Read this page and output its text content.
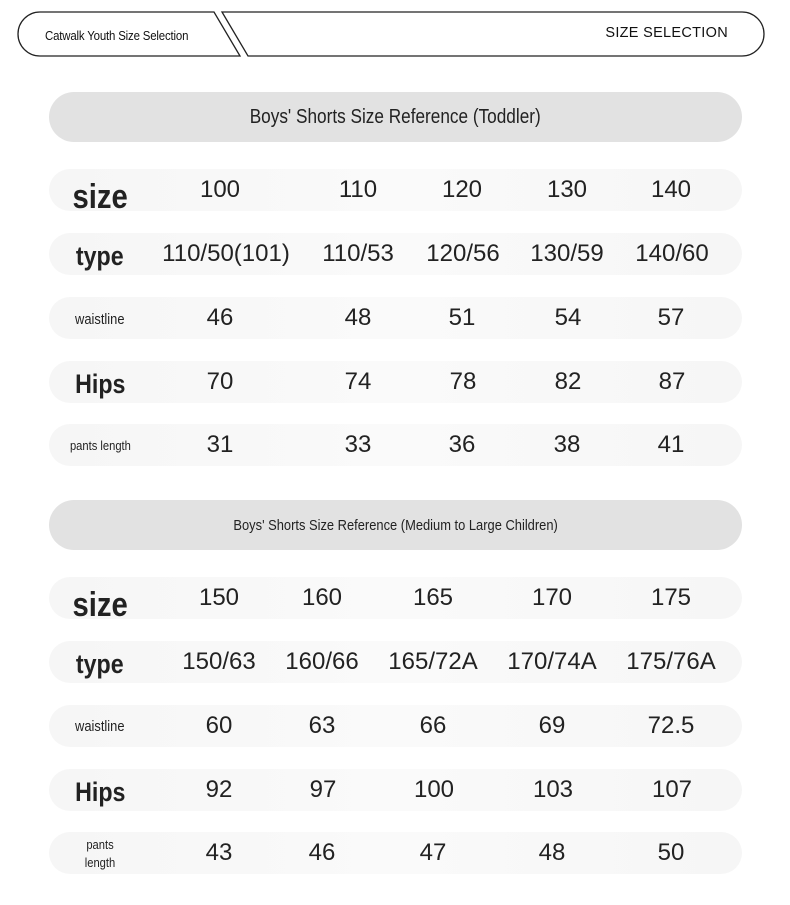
Catwalk Youth Size Selection	SIZE SELECTION
Boys' Shorts Size Reference (Toddler)
size	100	110	120	130	140
type 110/50(101) 110/53 120/56 130/59 140/60
waistline	46	48	51	54	57
Hips	70	74	78	82	87
pants length	31	33	36	38	41
Boys' Shorts Size Reference (Medium to Large Children)
size	150	160	165	170	175
type 150/63 160/66 165/72A 170/74A 175/76A
waistline	60	63	66	69	72.5
Hips	92	97	100	103	107
pants length	43	46	47	48	50
